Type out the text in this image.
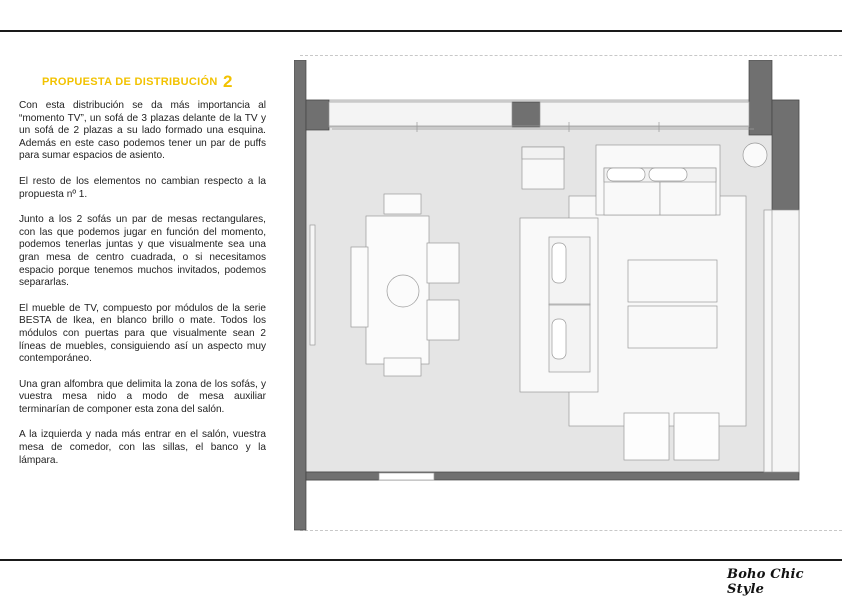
PROPUESTA DE DISTRIBUCIÓN 2

Con esta distribución se da más importancia al “momento TV”, un sofá de 3 plazas delante de la TV y un sofá de 2 plazas a su lado formado una esquina. Además en este caso podemos tener un par de puffs para sumar espacios de asiento.

El resto de los elementos no cambian respecto a la propuesta nº 1.

Junto a los 2 sofás un par de mesas rectangulares, con las que podemos jugar en función del momento, podemos tenerlas juntas y que visualmente sea una gran mesa de centro cuadrada, o si necesitamos espacio porque tenemos muchos invitados, podemos separarlas.

El mueble de TV, compuesto por módulos de la serie BESTA de Ikea, en blanco brillo o mate. Todos los módulos con puertas para que visualmente sean 2 líneas de muebles, consiguiendo así un aspecto muy contemporáneo.

Una gran alfombra que delimita la zona de los sofás, y vuestra mesa nido a modo de mesa auxiliar terminarían de componer esta zona del salón.

A la izquierda y nada más entrar en el salón, vuestra mesa de comedor, con las sillas, el banco y la lámpara.

Boho Chic Style
